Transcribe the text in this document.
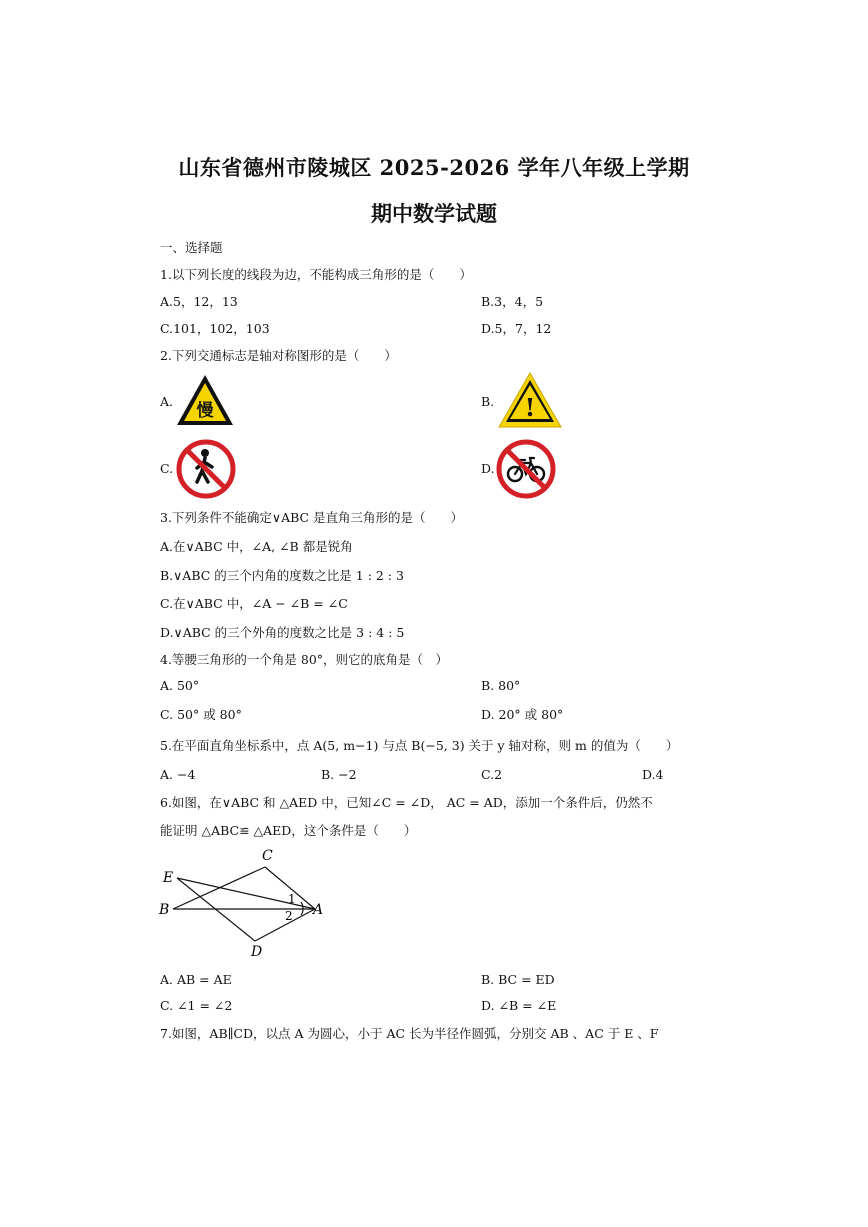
山东省德州市陵城区 2025-2026 学年八年级上学期
期中数学试题
一、选择题
1.以下列长度的线段为边，不能构成三角形的是（　　）
A.5，12，13	B.3，4，5
C.101，102，103	D.5，7，12
2.下列交通标志是轴对称图形的是（　　）
A. 慢	B. !
C.	D.
3.下列条件不能确定∨ABC 是直角三角形的是（　　）
A.在∨ABC 中，∠A, ∠B 都是锐角
B.∨ABC 的三个内角的度数之比是 1 : 2 : 3
C.在∨ABC 中，∠A − ∠B = ∠C
D.∨ABC 的三个外角的度数之比是 3 : 4 : 5
4.等腰三角形的一个角是 80°，则它的底角是（　）
A. 50°	B. 80°
C. 50° 或 80°	D. 20° 或 80°
5.在平面直角坐标系中，点 A(5, m−1) 与点 B(−5, 3) 关于 y 轴对称，则 m 的值为（　　）
A. −4	B. −2	C.2	D.4
6.如图，在∨ABC 和 △AED 中，已知∠C = ∠D， AC = AD，添加一个条件后，仍然不
能证明 △ABC≌ △AED，这个条件是（　　）
C
E
B	A
D
1
2
A. AB = AE	B. BC = ED
C. ∠1 = ∠2	D. ∠B = ∠E
7.如图，AB∥CD，以点 A 为圆心，小于 AC 长为半径作圆弧，分别交 AB 、AC 于 E 、F
